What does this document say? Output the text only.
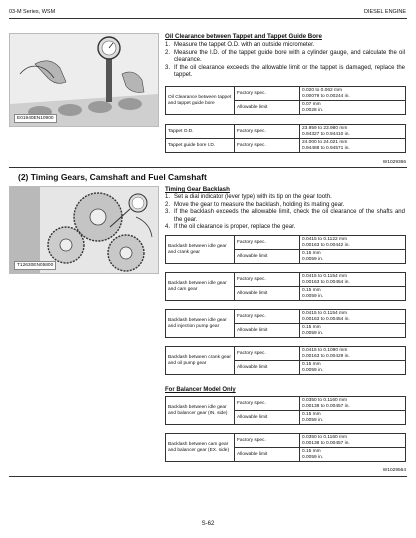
03-M Series, WSM	DIESEL ENGINE
E01940EN10900
Oil Clearance between Tappet and Tappet Guide Bore
1. Measure the tappet O.D. with an outside micrometer.
2. Measure the I.D. of the tappet guide bore with a cylinder gauge, and calculate the oil clearance.
3. If the oil clearance exceeds the allowable limit or the tappet is damaged, replace the tappet.
Oil Clearance between tappet and tappet guide bore	Factory spec.	0.020 to 0.062 mm
0.00079 to 0.00244 in.
	Allowable limit	0.07 mm
0.0028 in.
Tappet O.D.	Factory spec.	23.959 to 23.980 mm
0.94327 to 0.94410 in.
Tappet guide bore I.D.	Factory spec.	24.000 to 24.021 mm
0.94488 to 0.94571 in.
W1029366
(2) Timing Gears, Camshaft and Fuel Camshaft
T12630EN05800
Timing Gear Backlash
1. Set a dial indicator (lever type) with its tip on the gear tooth.
2. Move the gear to measure the backlash, holding its mating gear.
3. If the backlash exceeds the allowable limit, check the oil clearance of the shafts and the gear.
4. If the oil clearance is proper, replace the gear.
Backlash between idle gear and crank gear	Factory spec.	0.0415 to 0.1122 mm
0.00163 to 0.00442 in.
	Allowable limit	0.15 mm
0.0059 in.
Backlash between idle gear and cam gear	Factory spec.	0.0415 to 0.1154 mm
0.00163 to 0.00454 in.
	Allowable limit	0.15 mm
0.0059 in.
Backlash between idle gear and injection pump gear	Factory spec.	0.0415 to 0.1154 mm
0.00163 to 0.00454 in.
	Allowable limit	0.15 mm
0.0059 in.
Backlash between crank gear and oil pump gear	Factory spec.	0.0415 to 0.1090 mm
0.00163 to 0.00429 in.
	Allowable limit	0.15 mm
0.0059 in.
For Balancer Model Only
Backlash between idle gear and balancer gear (IN. side)	Factory spec.	0.0350 to 0.1160 mm
0.00138 to 0.00457 in.
	Allowable limit	0.15 mm
0.0059 in.
Backlash between cam gear and balancer gear (EX. side)	Factory spec.	0.0350 to 0.1160 mm
0.00138 to 0.00457 in.
	Allowable limit	0.15 mm
0.0059 in.
W1029564
S-62
